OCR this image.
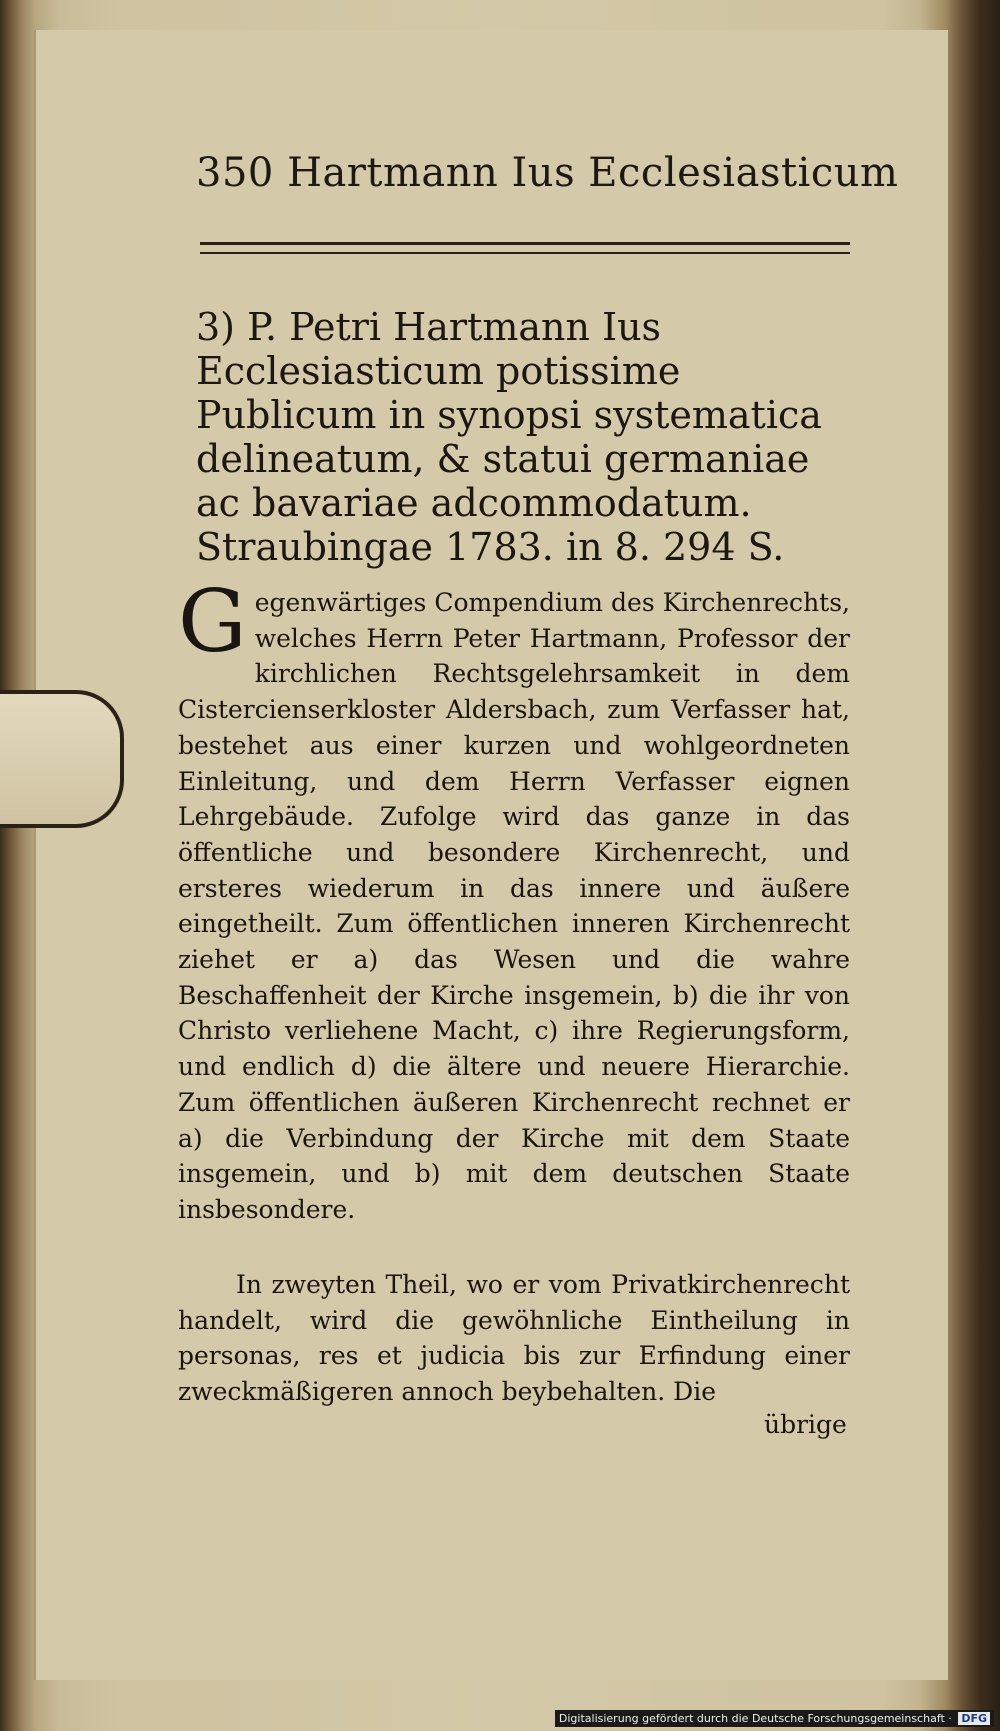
350 Hartmann Ius Ecclesiasticum
3) P. Petri Hartmann Ius Ecclesiasticum potissime Publicum in synopsi systematica delineatum, & statui germaniae ac bavariae adcommodatum. Straubingae 1783. in 8. 294 S.
G egenwärtiges Compendium des Kirchenrechts, welches Herrn Peter Hartmann, Professor der kirchlichen Rechtsgelehrsamkeit in dem Cistercienserkloster Aldersbach, zum Verfasser hat, bestehet aus einer kurzen und wohlgeordneten Einleitung, und dem Herrn Verfasser eignen Lehrgebäude. Zufolge wird das ganze in das öffentliche und besondere Kirchenrecht, und ersteres wiederum in das innere und äußere eingetheilt. Zum öffentlichen inneren Kirchenrecht ziehet er a) das Wesen und die wahre Beschaffenheit der Kirche insgemein, b) die ihr von Christo verliehene Macht, c) ihre Regierungsform, und endlich d) die ältere und neuere Hierarchie. Zum öffentlichen äußeren Kirchenrecht rechnet er a) die Verbindung der Kirche mit dem Staate insgemein, und b) mit dem deutschen Staate insbesondere.
In zweyten Theil, wo er vom Privatkirchenrecht handelt, wird die gewöhnliche Eintheilung in personas, res et judicia bis zur Erfindung einer zweckmäßigeren annoch beybehalten. Die
übrige
Digitalisierung gefördert durch die Deutsche Forschungsgemeinschaft · DFG
